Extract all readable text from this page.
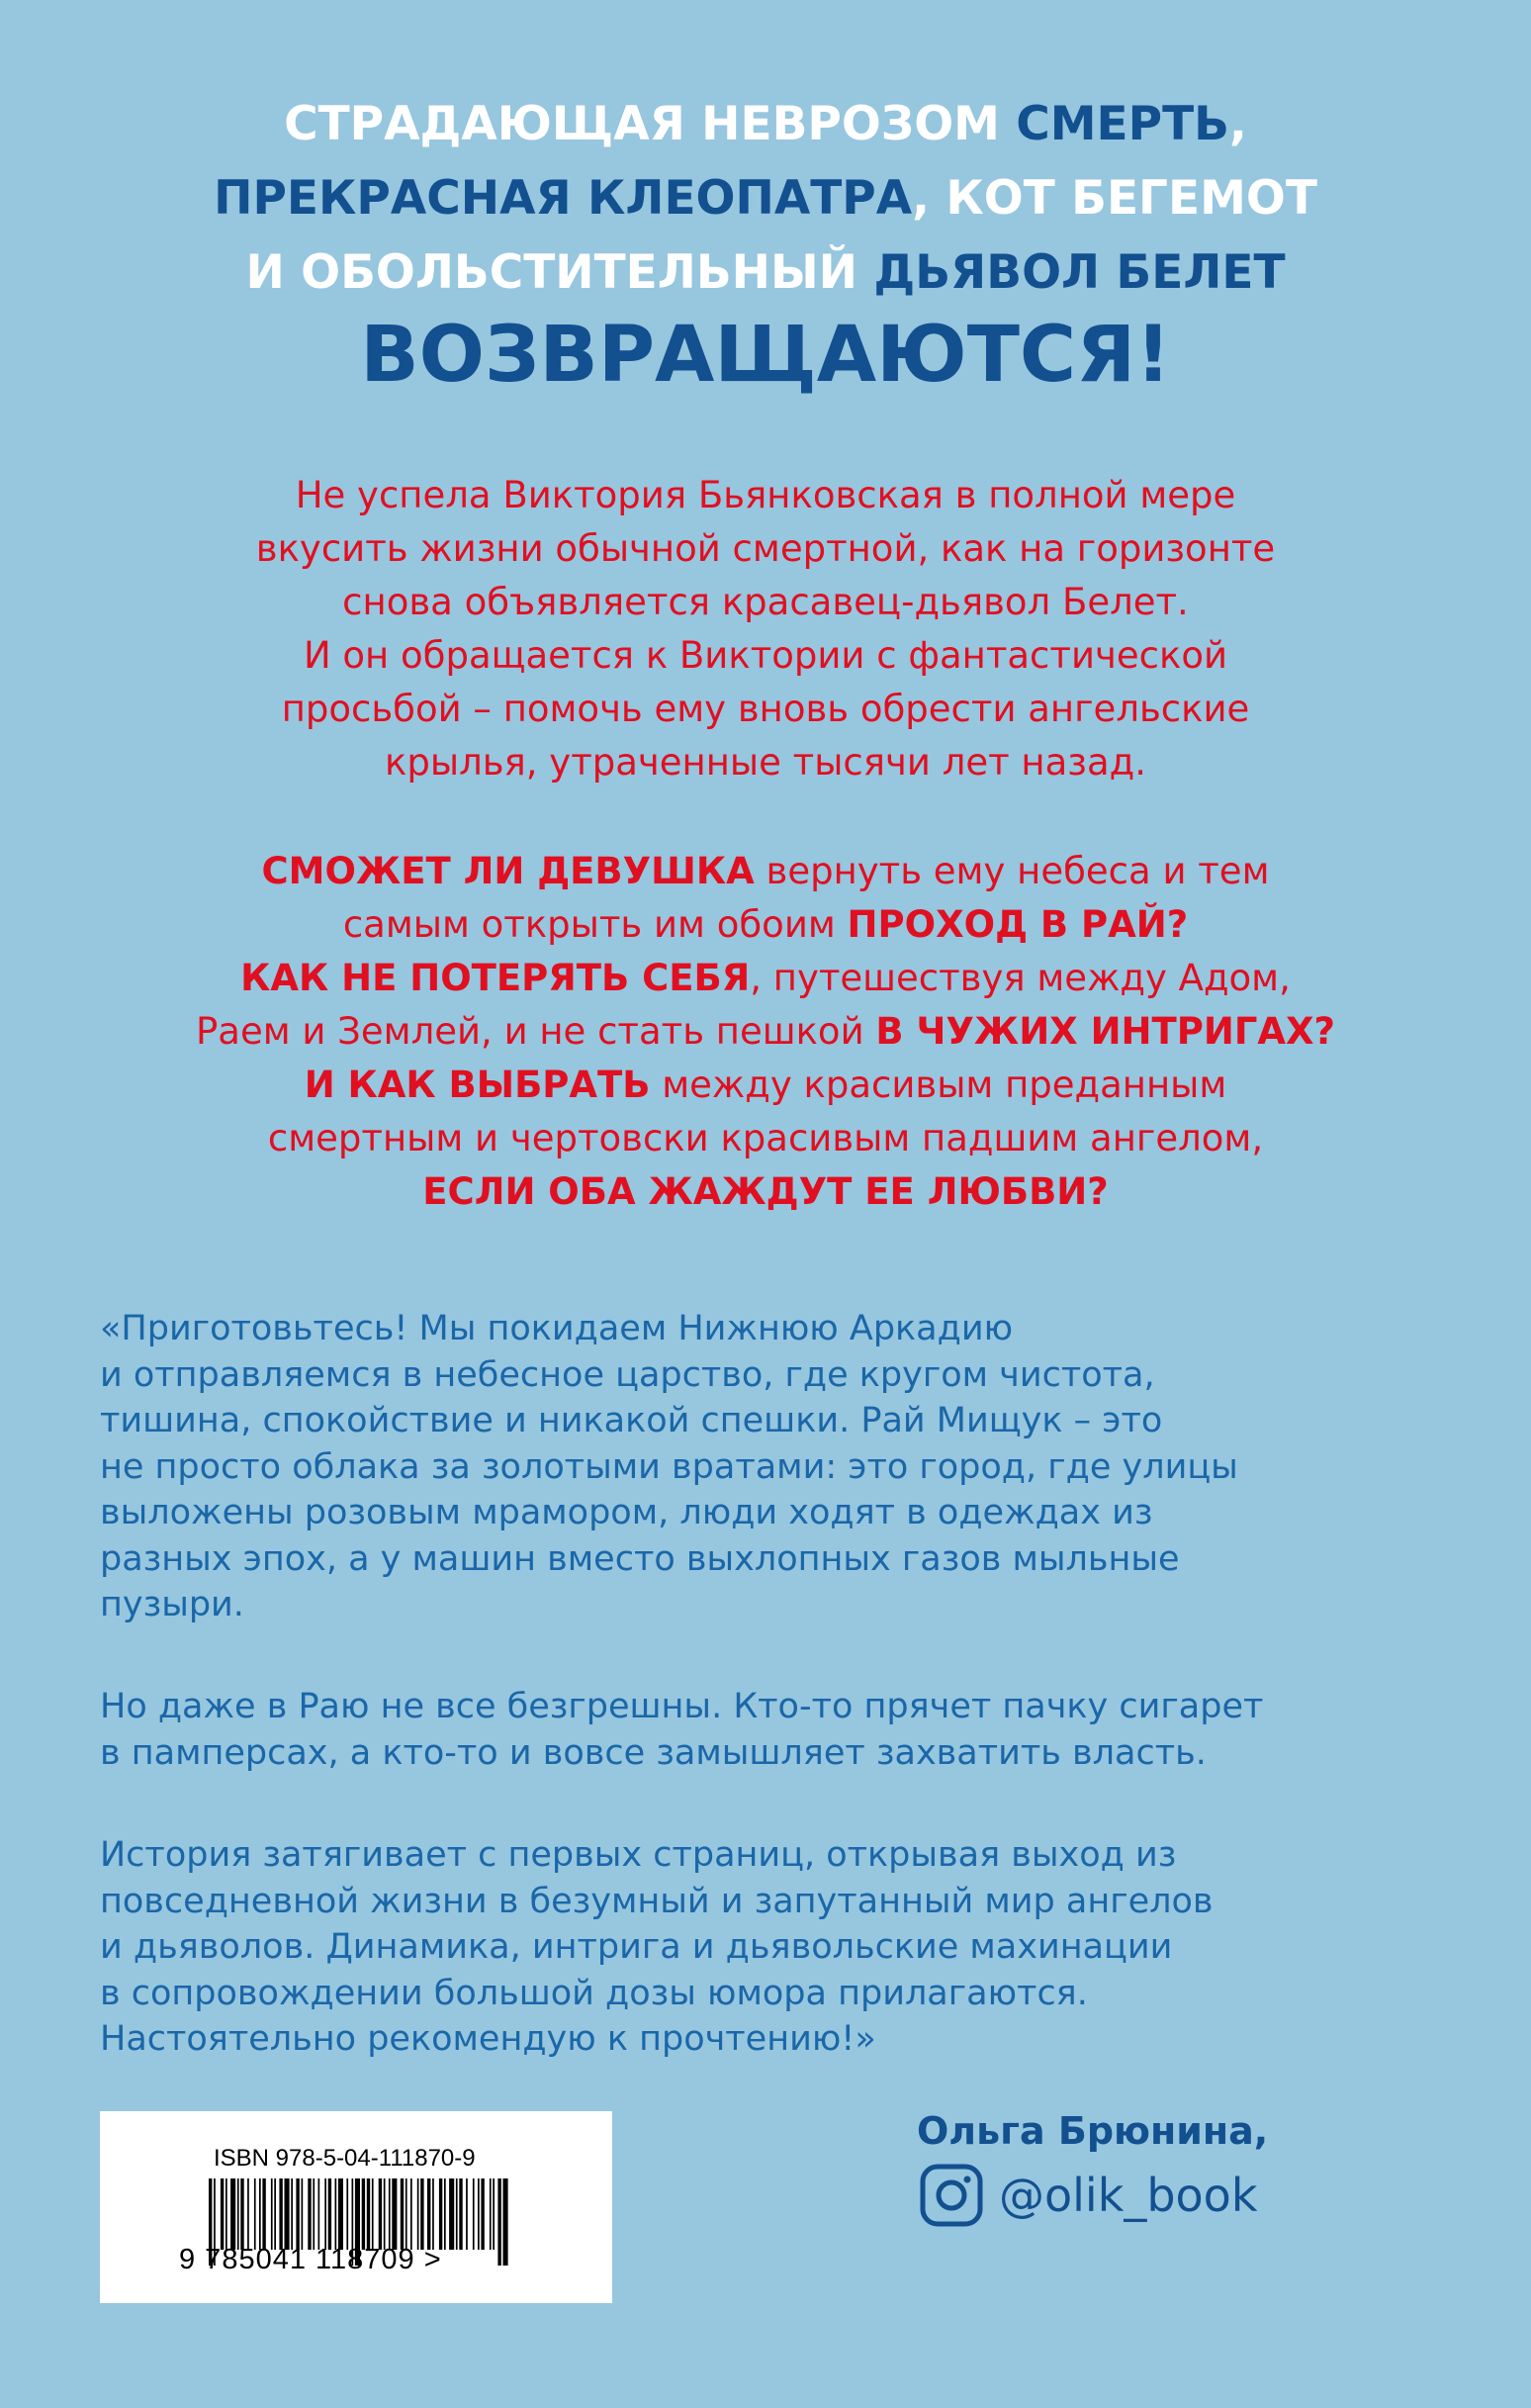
СТРАДАЮЩАЯ НЕВРОЗОМ СМЕРТЬ,
ПРЕКРАСНАЯ КЛЕОПАТРА, КОТ БЕГЕМОТ
И ОБОЛЬСТИТЕЛЬНЫЙ ДЬЯВОЛ БЕЛЕТ
ВОЗВРАЩАЮТСЯ!
Не успела Виктория Бьянковская в полной мере
вкусить жизни обычной смертной, как на горизонте
снова объявляется красавец-дьявол Белет.
И он обращается к Виктории с фантастической
просьбой – помочь ему вновь обрести ангельские
крылья, утраченные тысячи лет назад.
СМОЖЕТ ЛИ ДЕВУШКА вернуть ему небеса и тем
самым открыть им обоим ПРОХОД В РАЙ?
КАК НЕ ПОТЕРЯТЬ СЕБЯ, путешествуя между Адом,
Раем и Землей, и не стать пешкой В ЧУЖИХ ИНТРИГАХ?
И КАК ВЫБРАТЬ между красивым преданным
смертным и чертовски красивым падшим ангелом,
ЕСЛИ ОБА ЖАЖДУТ ЕЕ ЛЮБВИ?
«Приготовьтесь! Мы покидаем Нижнюю Аркадию
и отправляемся в небесное царство, где кругом чистота,
тишина, спокойствие и никакой спешки. Рай Мищук – это
не просто облака за золотыми вратами: это город, где улицы
выложены розовым мрамором, люди ходят в одеждах из
разных эпох, а у машин вместо выхлопных газов мыльные
пузыри.
Но даже в Раю не все безгрешны. Кто-то прячет пачку сигарет
в памперсах, а кто-то и вовсе замышляет захватить власть.
История затягивает с первых страниц, открывая выход из
повседневной жизни в безумный и запутанный мир ангелов
и дьяволов. Динамика, интрига и дьявольские махинации
в сопровождении большой дозы юмора прилагаются.
Настоятельно рекомендую к прочтению!»
ISBN 978-5-04-111870-9
9 785041 118709 >
Ольга Брюнина,
@olik_book
